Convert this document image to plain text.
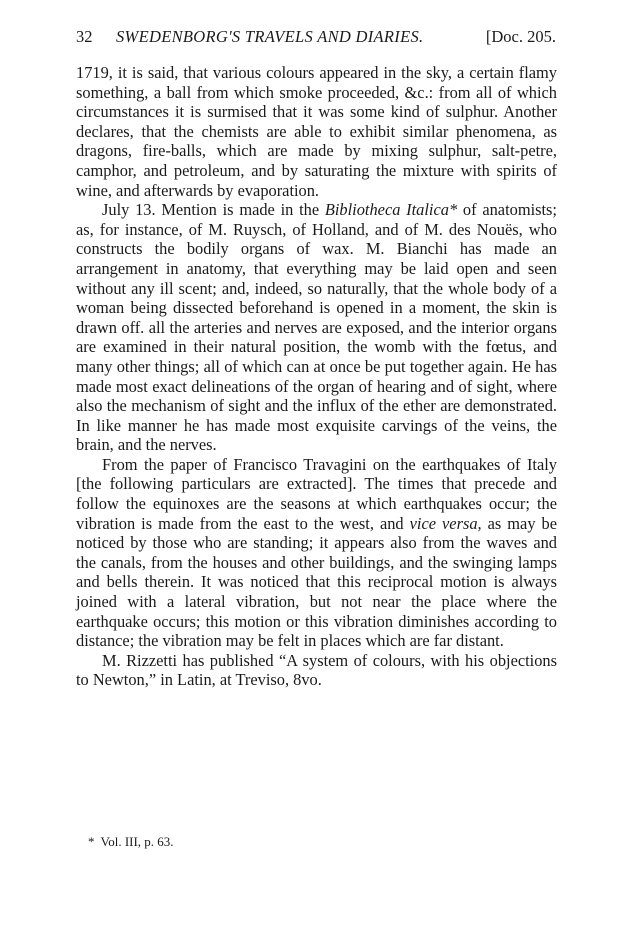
32 SWEDENBORG'S TRAVELS AND DIARIES.	[Doc. 205.

1719, it is said, that various colours appeared in the sky, a certain flamy something, a ball from which smoke proceeded, &c.: from all of which circumstances it is surmised that it was some kind of sulphur. Another declares, that the chemists are able to exhibit similar phenomena, as dragons, fire-balls, which are made by mixing sulphur, salt-petre, camphor, and petroleum, and by saturating the mixture with spirits of wine, and afterwards by evaporation.

July 13. Mention is made in the Bibliotheca Italica* of anatomists; as, for instance, of M. Ruysch, of Holland, and of M. des Nouës, who constructs the bodily organs of wax. M. Bianchi has made an arrangement in anatomy, that everything may be laid open and seen without any ill scent; and, indeed, so naturally, that the whole body of a woman being dissected beforehand is opened in a moment, the skin is drawn off. all the arteries and nerves are exposed, and the interior organs are examined in their natural position, the womb with the fœtus, and many other things; all of which can at once be put together again. He has made most exact delineations of the organ of hearing and of sight, where also the mechanism of sight and the influx of the ether are demonstrated. In like manner he has made most exquisite carvings of the veins, the brain, and the nerves.

From the paper of Francisco Travagini on the earthquakes of Italy [the following particulars are extracted]. The times that precede and follow the equinoxes are the seasons at which earthquakes occur; the vibration is made from the east to the west, and vice versa, as may be noticed by those who are standing; it appears also from the waves and the canals, from the houses and other buildings, and the swinging lamps and bells therein. It was noticed that this reciprocal motion is always joined with a lateral vibration, but not near the place where the earthquake occurs; this motion or this vibration diminishes according to distance; the vibration may be felt in places which are far distant.

M. Rizzetti has published “A system of colours, with his objections to Newton,” in Latin, at Treviso, 8vo.

* Vol. III, p. 63.
